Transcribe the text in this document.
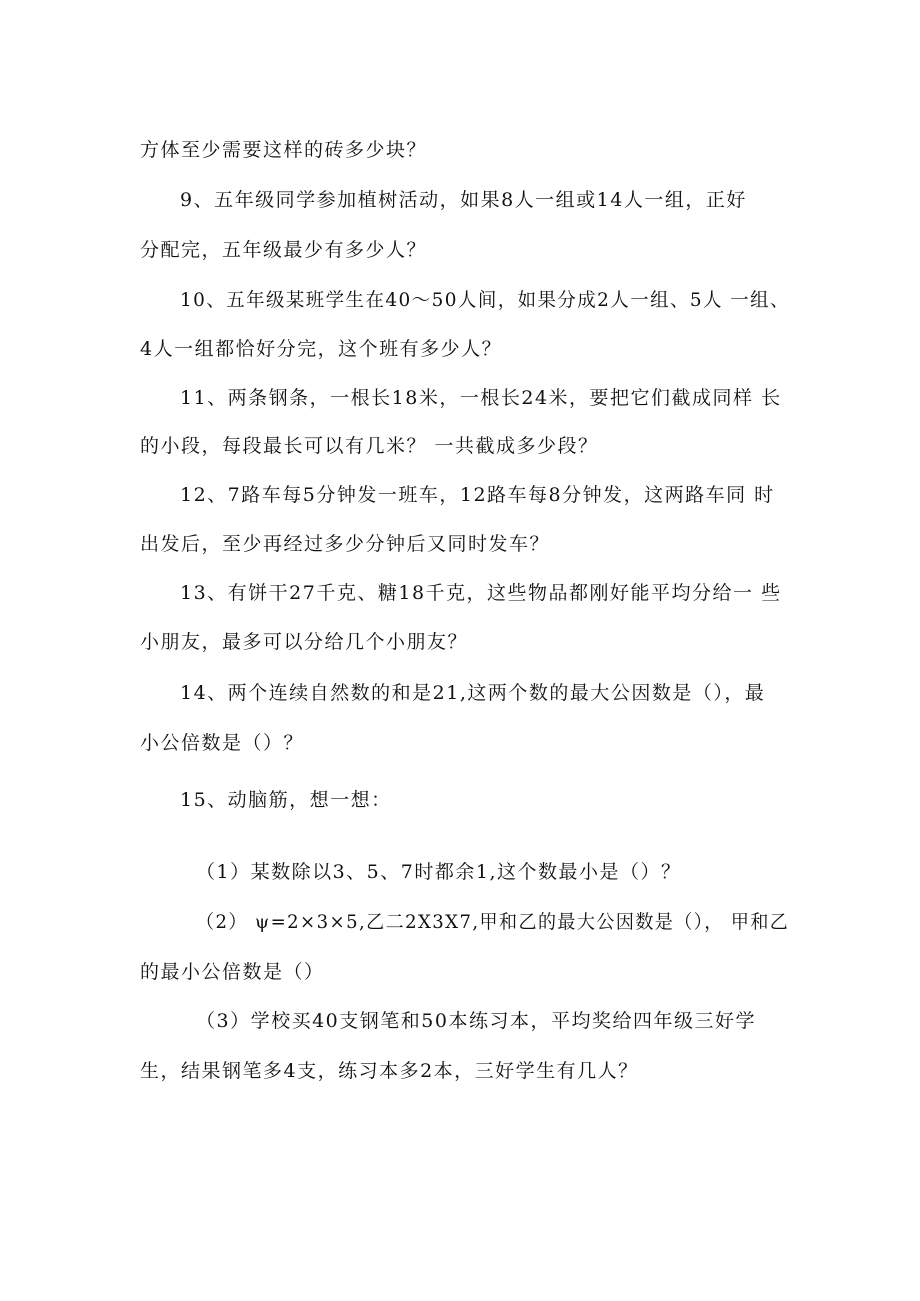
方体至少需要这样的砖多少块？
9、五年级同学参加植树活动，如果8人一组或14人一组，正好
分配完，五年级最少有多少人？
10、五年级某班学生在40～50人间，如果分成2人一组、5人 一组、
4人一组都恰好分完，这个班有多少人？
11、两条钢条，一根长18米，一根长24米，要把它们截成同样 长
的小段，每段最长可以有几米？ 一共截成多少段？
12、7路车每5分钟发一班车，12路车每8分钟发，这两路车同 时
出发后，至少再经过多少分钟后又同时发车？
13、有饼干27千克、糖18千克，这些物品都刚好能平均分给一 些
小朋友，最多可以分给几个小朋友？
14、两个连续自然数的和是21,这两个数的最大公因数是（），最
小公倍数是（）？
15、动脑筋，想一想：
（1）某数除以3、5、7时都余1,这个数最小是（）？
（2） ψ=2×3×5,乙二2X3X7,甲和乙的最大公因数是（）， 甲和乙
的最小公倍数是（）
（3）学校买40支钢笔和50本练习本，平均奖给四年级三好学
生，结果钢笔多4支，练习本多2本，三好学生有几人？
